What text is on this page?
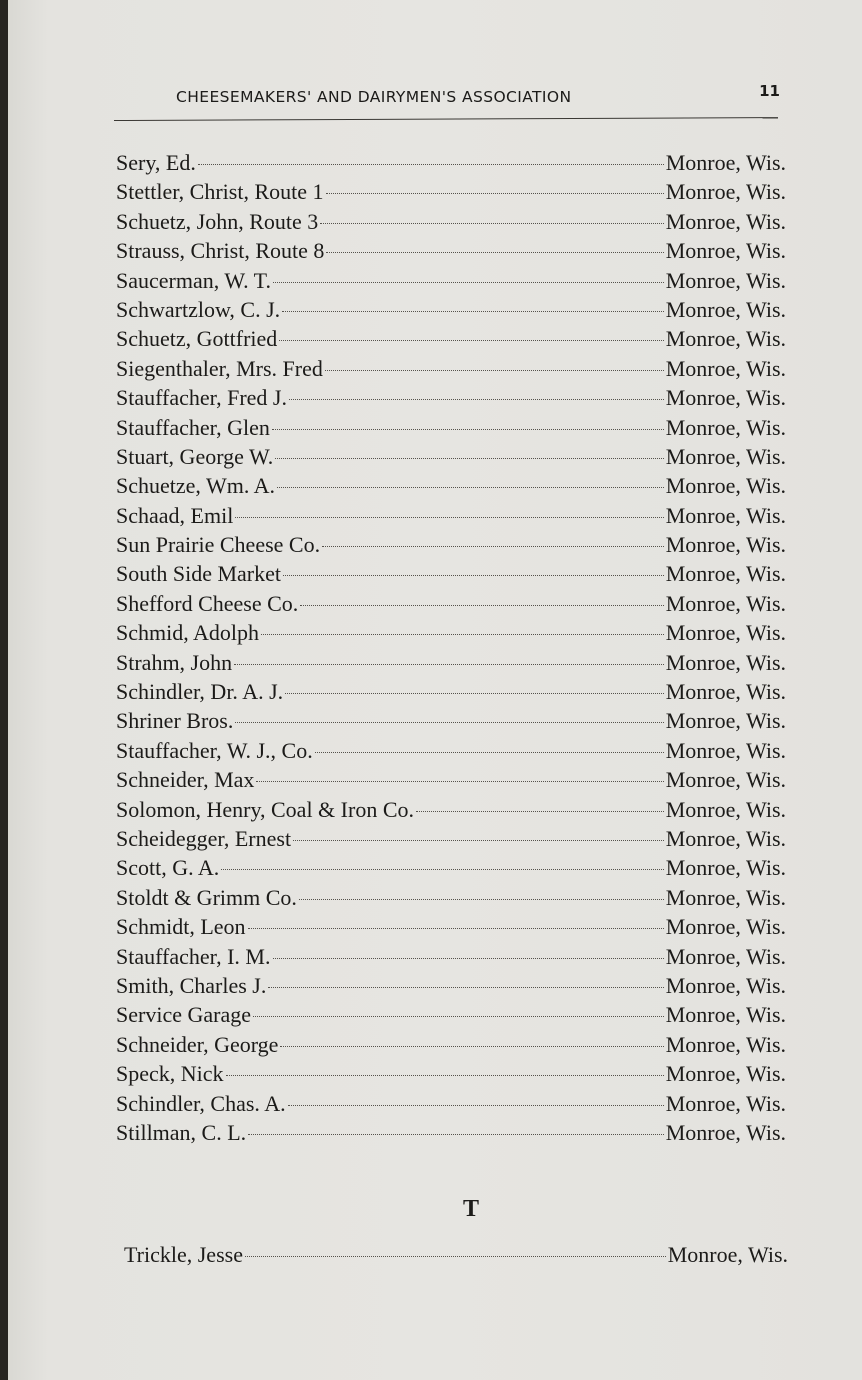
CHEESEMAKERS' AND DAIRYMEN'S ASSOCIATION	11
Sery, Ed.	Monroe, Wis.
Stettler, Christ, Route 1	Monroe, Wis.
Schuetz, John, Route 3	Monroe, Wis.
Strauss, Christ, Route 8	Monroe, Wis.
Saucerman, W. T.	Monroe, Wis.
Schwartzlow, C. J.	Monroe, Wis.
Schuetz, Gottfried	Monroe, Wis.
Siegenthaler, Mrs. Fred	Monroe, Wis.
Stauffacher, Fred J.	Monroe, Wis.
Stauffacher, Glen	Monroe, Wis.
Stuart, George W.	Monroe, Wis.
Schuetze, Wm. A.	Monroe, Wis.
Schaad, Emil	Monroe, Wis.
Sun Prairie Cheese Co.	Monroe, Wis.
South Side Market	Monroe, Wis.
Shefford Cheese Co.	Monroe, Wis.
Schmid, Adolph	Monroe, Wis.
Strahm, John	Monroe, Wis.
Schindler, Dr. A. J.	Monroe, Wis.
Shriner Bros.	Monroe, Wis.
Stauffacher, W. J., Co.	Monroe, Wis.
Schneider, Max	Monroe, Wis.
Solomon, Henry, Coal & Iron Co.	Monroe, Wis.
Scheidegger, Ernest	Monroe, Wis.
Scott, G. A.	Monroe, Wis.
Stoldt & Grimm Co.	Monroe, Wis.
Schmidt, Leon	Monroe, Wis.
Stauffacher, I. M.	Monroe, Wis.
Smith, Charles J.	Monroe, Wis.
Service Garage	Monroe, Wis.
Schneider, George	Monroe, Wis.
Speck, Nick	Monroe, Wis.
Schindler, Chas. A.	Monroe, Wis.
Stillman, C. L.	Monroe, Wis.
T
Trickle, Jesse	Monroe, Wis.
